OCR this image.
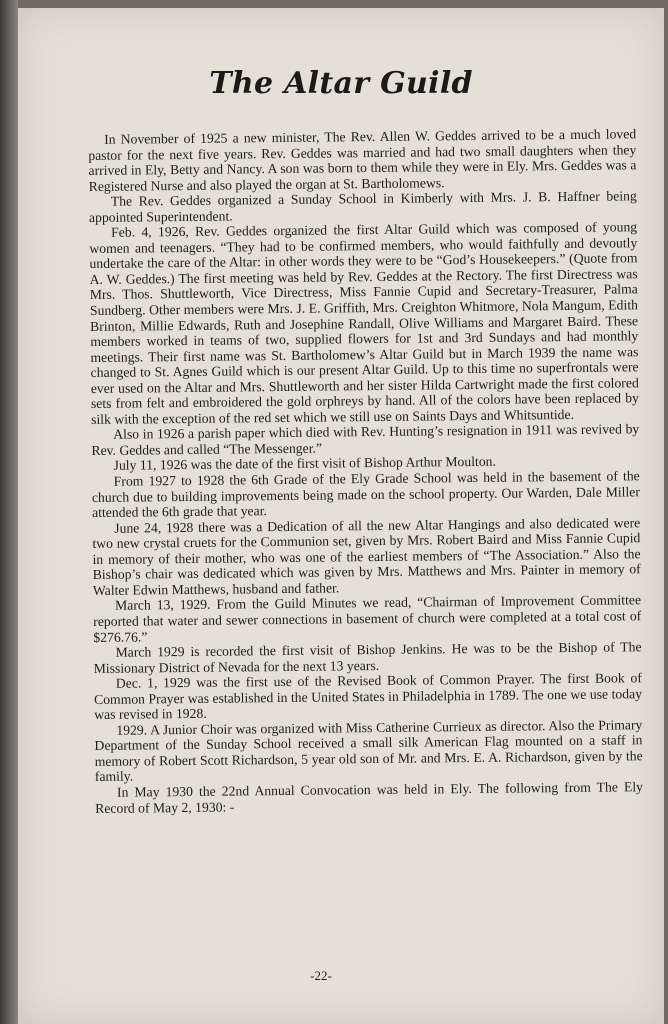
The Altar Guild

In November of 1925 a new minister, The Rev. Allen W. Geddes arrived to be a much loved pastor for the next five years. Rev. Geddes was married and had two small daughters when they arrived in Ely, Betty and Nancy. A son was born to them while they were in Ely. Mrs. Geddes was a Registered Nurse and also played the organ at St. Bartholomews.

The Rev. Geddes organized a Sunday School in Kimberly with Mrs. J. B. Haffner being appointed Superintendent.

Feb. 4, 1926, Rev. Geddes organized the first Altar Guild which was composed of young women and teenagers. “They had to be confirmed members, who would faithfully and devoutly undertake the care of the Altar: in other words they were to be “God’s Housekeepers.” (Quote from A. W. Geddes.) The first meeting was held by Rev. Geddes at the Rectory. The first Directress was Mrs. Thos. Shuttleworth, Vice Directress, Miss Fannie Cupid and Secretary-Treasurer, Palma Sundberg. Other members were Mrs. J. E. Griffith, Mrs. Creighton Whitmore, Nola Mangum, Edith Brinton, Millie Edwards, Ruth and Josephine Randall, Olive Williams and Margaret Baird. These members worked in teams of two, supplied flowers for 1st and 3rd Sundays and had monthly meetings. Their first name was St. Bartholomew’s Altar Guild but in March 1939 the name was changed to St. Agnes Guild which is our present Altar Guild. Up to this time no superfrontals were ever used on the Altar and Mrs. Shuttleworth and her sister Hilda Cartwright made the first colored sets from felt and embroidered the gold orphreys by hand. All of the colors have been replaced by silk with the exception of the red set which we still use on Saints Days and Whitsuntide.

Also in 1926 a parish paper which died with Rev. Hunting’s resignation in 1911 was revived by Rev. Geddes and called “The Messenger.”

July 11, 1926 was the date of the first visit of Bishop Arthur Moulton.

From 1927 to 1928 the 6th Grade of the Ely Grade School was held in the basement of the church due to building improvements being made on the school property. Our Warden, Dale Miller attended the 6th grade that year.

June 24, 1928 there was a Dedication of all the new Altar Hangings and also dedicated were two new crystal cruets for the Communion set, given by Mrs. Robert Baird and Miss Fannie Cupid in memory of their mother, who was one of the earliest members of “The Association.” Also the Bishop’s chair was dedicated which was given by Mrs. Matthews and Mrs. Painter in memory of Walter Edwin Matthews, husband and father.

March 13, 1929. From the Guild Minutes we read, “Chairman of Improvement Committee reported that water and sewer connections in basement of church were completed at a total cost of $276.76.”

March 1929 is recorded the first visit of Bishop Jenkins. He was to be the Bishop of The Missionary District of Nevada for the next 13 years.

Dec. 1, 1929 was the first use of the Revised Book of Common Prayer. The first Book of Common Prayer was established in the United States in Philadelphia in 1789. The one we use today was revised in 1928.

1929. A Junior Choir was organized with Miss Catherine Currieux as director. Also the Primary Department of the Sunday School received a small silk American Flag mounted on a staff in memory of Robert Scott Richardson, 5 year old son of Mr. and Mrs. E. A. Richardson, given by the family.

In May 1930 the 22nd Annual Convocation was held in Ely. The following from The Ely Record of May 2, 1930: -

-22-
